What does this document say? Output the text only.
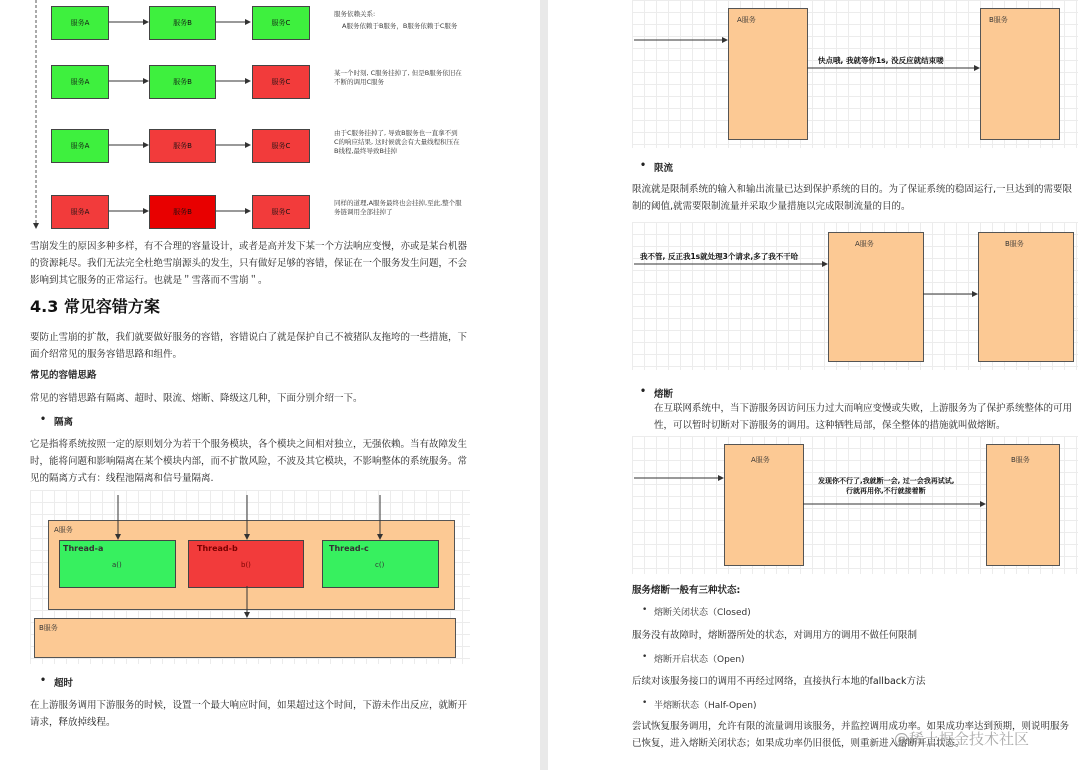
服务A	服务B	服务C
服务A	服务B	服务C
服务A	服务B	服务C
服务A	服务B	服务C
服务依赖关系:
A服务依赖于B服务，B服务依赖于C服务
某一个时刻, C服务挂掉了, 但是B服务依旧在
不断的调用C服务
由于C服务挂掉了, 导致B服务也一直拿不到
C的响应结果, 这时候就会有大量线程积压在
B线程,最终导致B挂掉
同样的道理,A服务最终也会挂掉,至此,整个服
务链调用全部挂掉了
雪崩发生的原因多种多样，有不合理的容量设计，或者是高并发下某一个方法响应变慢，亦或是某台机器的资源耗尽。我们无法完全杜绝雪崩源头的发生，只有做好足够的容错，保证在一个服务发生问题，不会影响到其它服务的正常运行。也就是＂雪落而不雪崩＂。
4.3 常见容错方案
要防止雪崩的扩散，我们就要做好服务的容错，容错说白了就是保护自己不被猪队友拖垮的一些措施，下面介绍常见的服务容错思路和组件。
常见的容错思路
常见的容错思路有隔离、超时、限流、熔断、降级这几种，下面分别介绍一下。
• 隔离
它是指将系统按照一定的原则划分为若干个服务模块，各个模块之间相对独立，无强依赖。当有故障发生时，能将问题和影响隔离在某个模块内部，而不扩散风险，不波及其它模块，不影响整体的系统服务。常见的隔离方式有：线程池隔离和信号量隔离.
A服务
Thread-a
a()
Thread-b
b()
Thread-c
c()
B服务
• 超时
在上游服务调用下游服务的时候，设置一个最大响应时间，如果超过这个时间，下游未作出反应，就断开请求，释放掉线程。
A服务	B服务
快点哦, 我就等你1s, 没反应就结束喽
• 限流
限流就是限制系统的输入和输出流量已达到保护系统的目的。为了保证系统的稳固运行,一旦达到的需要限制的阈值,就需要限制流量并采取少量措施以完成限制流量的目的。
A服务	B服务
我不管, 反正我1s就处理3个请求,多了我不干哈
• 熔断
在互联网系统中，当下游服务因访问压力过大而响应变慢或失败，上游服务为了保护系统整体的可用性，可以暂时切断对下游服务的调用。这种牺牲局部，保全整体的措施就叫做熔断。
A服务	B服务
发现你不行了,我就断一会, 过一会我再试试,
行就再用你,不行就接着断
服务熔断一般有三种状态:
• 熔断关闭状态（Closed)
服务没有故障时，熔断器所处的状态，对调用方的调用不做任何限制
• 熔断开启状态（Open)
后续对该服务接口的调用不再经过网络，直接执行本地的fallback方法
• 半熔断状态（Half-Open)
尝试恢复服务调用，允许有限的流量调用该服务，并监控调用成功率。如果成功率达到预期，则说明服务已恢复，进入熔断关闭状态；如果成功率仍旧很低，则重新进入熔断开启状态。
@稀土掘金技术社区
